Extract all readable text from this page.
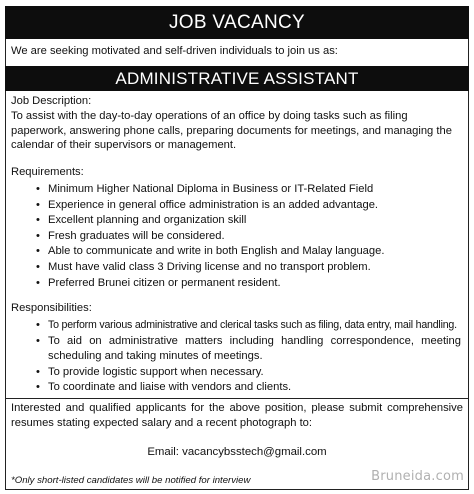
JOB VACANCY
We are seeking motivated and self-driven individuals to join us as:
ADMINISTRATIVE ASSISTANT
Job Description:
To assist with the day-to-day operations of an office by doing tasks such as filing paperwork, answering phone calls, preparing documents for meetings, and managing the calendar of their supervisors or management.
Requirements:
• Minimum Higher National Diploma in Business or IT-Related Field
• Experience in general office administration is an added advantage.
• Excellent planning and organization skill
• Fresh graduates will be considered.
• Able to communicate and write in both English and Malay language.
• Must have valid class 3 Driving license and no transport problem.
• Preferred Brunei citizen or permanent resident.
Responsibilities:
• To perform various administrative and clerical tasks such as filing, data entry, mail handling.
• To aid on administrative matters including handling correspondence, meeting scheduling and taking minutes of meetings.
• To provide logistic support when necessary.
• To coordinate and liaise with vendors and clients.
Interested and qualified applicants for the above position, please submit comprehensive resumes stating expected salary and a recent photograph to:
Email: vacancybsstech@gmail.com
*Only short-listed candidates will be notified for interview	Bruneida.com
